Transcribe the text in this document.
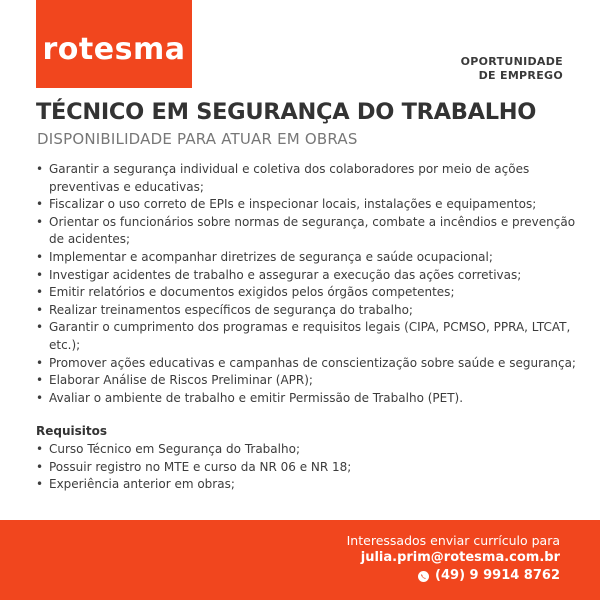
rotesma	OPORTUNIDADE
DE EMPREGO
TÉCNICO EM SEGURANÇA DO TRABALHO
DISPONIBILIDADE PARA ATUAR EM OBRAS
• Garantir a segurança individual e coletiva dos colaboradores por meio de ações preventivas e educativas;
• Fiscalizar o uso correto de EPIs e inspecionar locais, instalações e equipamentos;
• Orientar os funcionários sobre normas de segurança, combate a incêndios e prevenção de acidentes;
• Implementar e acompanhar diretrizes de segurança e saúde ocupacional;
• Investigar acidentes de trabalho e assegurar a execução das ações corretivas;
• Emitir relatórios e documentos exigidos pelos órgãos competentes;
• Realizar treinamentos específicos de segurança do trabalho;
• Garantir o cumprimento dos programas e requisitos legais (CIPA, PCMSO, PPRA, LTCAT, etc.);
• Promover ações educativas e campanhas de conscientização sobre saúde e segurança;
• Elaborar Análise de Riscos Preliminar (APR);
• Avaliar o ambiente de trabalho e emitir Permissão de Trabalho (PET).
Requisitos
• Curso Técnico em Segurança do Trabalho;
• Possuir registro no MTE e curso da NR 06 e NR 18;
• Experiência anterior em obras;
Interessados enviar currículo para
julia.prim@rotesma.com.br
(49) 9 9914 8762
